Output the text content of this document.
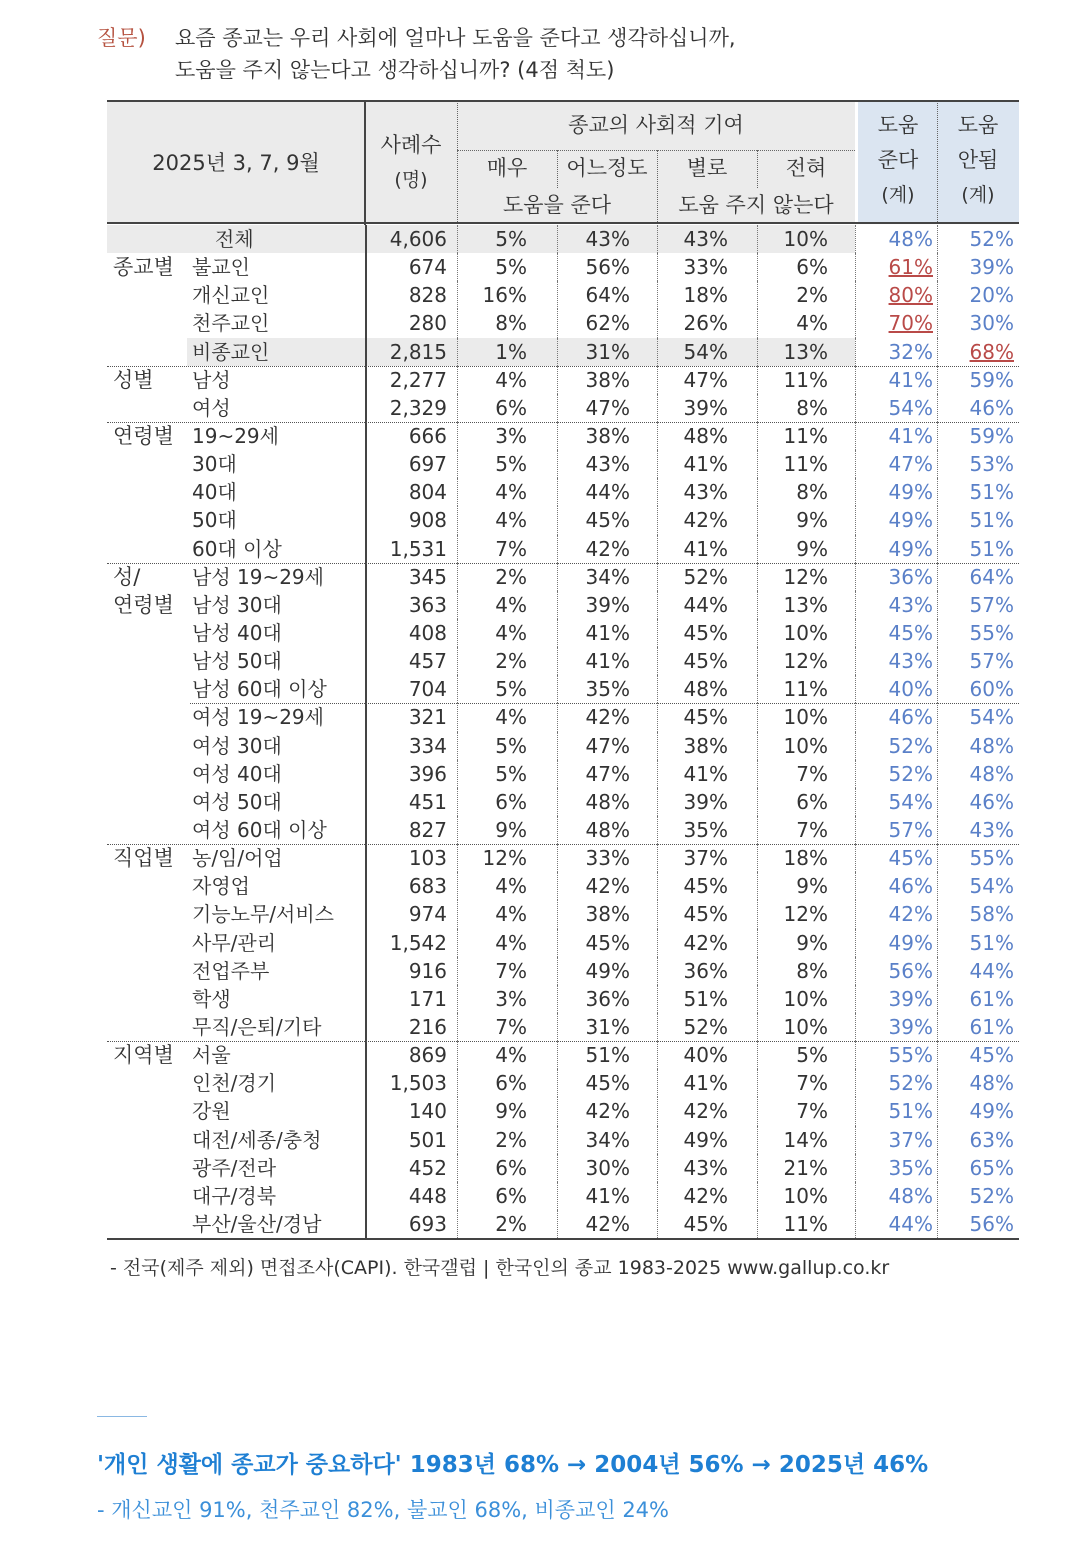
질문) 요즘 종교는 우리 사회에 얼마나 도움을 준다고 생각하십니까,
도움을 주지 않는다고 생각하십니까? (4점 척도)
2025년 3, 7, 9월
사례수
(명)
종교의 사회적 기여
매우	어느정도	별로	전혀
도움을 준다	도움 주지 않는다
도움
준다
(계)
도움
안됨
(계)
전체	4,606	5%	43%	43%	10%	48%	52%
종교별 불교인	674	5%	56%	33%	6%	61%	39%
개신교인	828	16%	64%	18%	2%	80%	20%
천주교인	280	8%	62%	26%	4%	70%	30%
비종교인	2,815	1%	31%	54%	13%	32%	68%
성별	남성	2,277	4%	38%	47%	11%	41%	59%
여성	2,329	6%	47%	39%	8%	54%	46%
연령별 19~29세	666	3%	38%	48%	11%	41%	59%
30대	697	5%	43%	41%	11%	47%	53%
40대	804	4%	44%	43%	8%	49%	51%
50대	908	4%	45%	42%	9%	49%	51%
60대 이상	1,531	7%	42%	41%	9%	49%	51%
성/	남성 19~29세	345	2%	34%	52%	12%	36%	64%
연령별 남성 30대	363	4%	39%	44%	13%	43%	57%
남성 40대	408	4%	41%	45%	10%	45%	55%
남성 50대	457	2%	41%	45%	12%	43%	57%
남성 60대 이상	704	5%	35%	48%	11%	40%	60%
여성 19~29세	321	4%	42%	45%	10%	46%	54%
여성 30대	334	5%	47%	38%	10%	52%	48%
여성 40대	396	5%	47%	41%	7%	52%	48%
여성 50대	451	6%	48%	39%	6%	54%	46%
여성 60대 이상	827	9%	48%	35%	7%	57%	43%
직업별 농/임/어업	103	12%	33%	37%	18%	45%	55%
자영업	683	4%	42%	45%	9%	46%	54%
기능노무/서비스	974	4%	38%	45%	12%	42%	58%
사무/관리	1,542	4%	45%	42%	9%	49%	51%
전업주부	916	7%	49%	36%	8%	56%	44%
학생	171	3%	36%	51%	10%	39%	61%
무직/은퇴/기타	216	7%	31%	52%	10%	39%	61%
지역별 서울	869	4%	51%	40%	5%	55%	45%
인천/경기	1,503	6%	45%	41%	7%	52%	48%
강원	140	9%	42%	42%	7%	51%	49%
대전/세종/충청	501	2%	34%	49%	14%	37%	63%
광주/전라	452	6%	30%	43%	21%	35%	65%
대구/경북	448	6%	41%	42%	10%	48%	52%
부산/울산/경남	693	2%	42%	45%	11%	44%	56%
- 전국(제주 제외) 면접조사(CAPI). 한국갤럽 | 한국인의 종교 1983-2025 www.gallup.co.kr
'개인 생활에 종교가 중요하다' 1983년 68% → 2004년 56% → 2025년 46%
- 개신교인 91%, 천주교인 82%, 불교인 68%, 비종교인 24%
